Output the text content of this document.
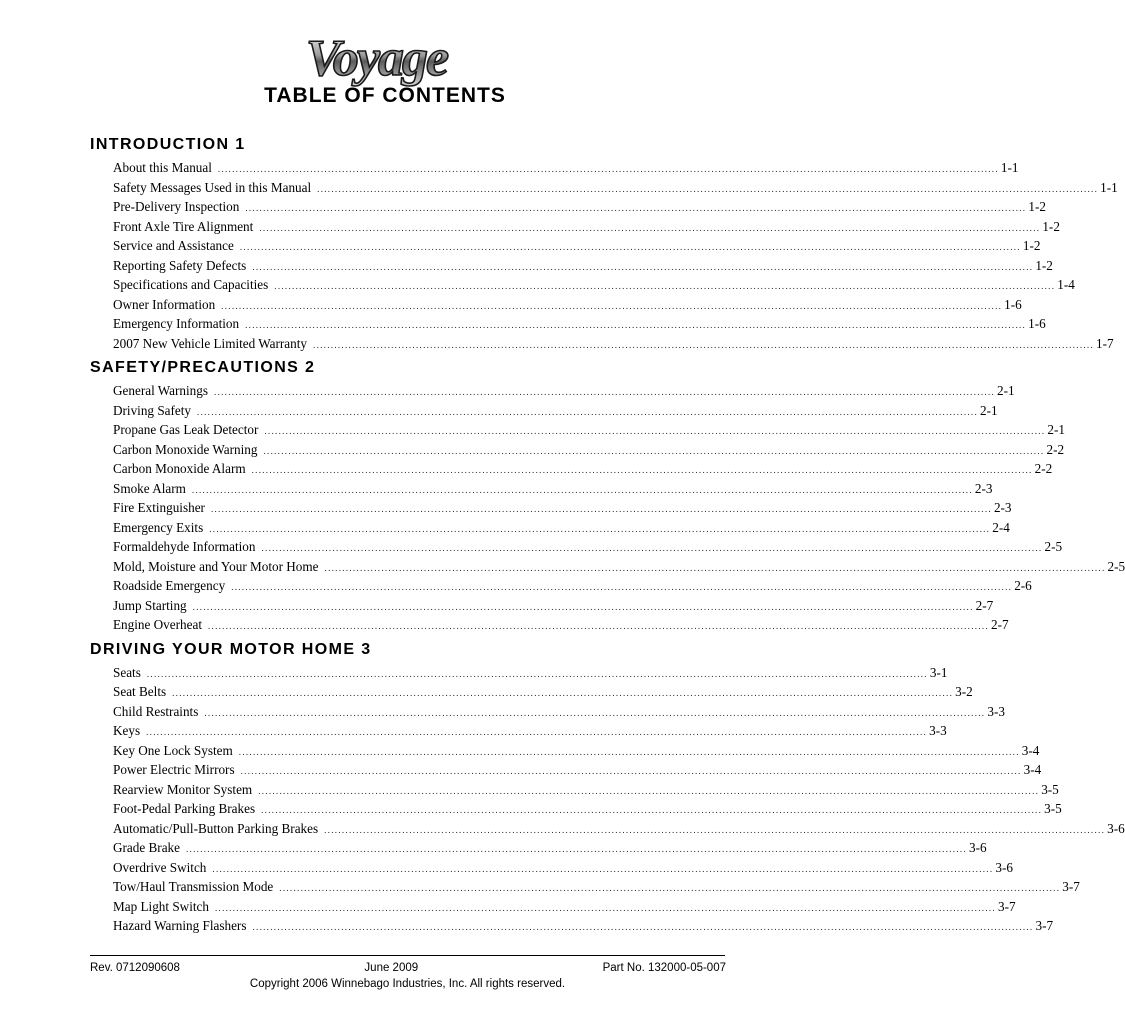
Voyage
TABLE OF CONTENTS
INTRODUCTION 1
About this Manual ............................................................................................................................................................................................................................ 1-1
Safety Messages Used in this Manual ............................................................................................................................................................................................................................ 1-1
Pre-Delivery Inspection ............................................................................................................................................................................................................................ 1-2
Front Axle Tire Alignment ............................................................................................................................................................................................................................ 1-2
Service and Assistance ............................................................................................................................................................................................................................ 1-2
Reporting Safety Defects ............................................................................................................................................................................................................................ 1-2
Specifications and Capacities ............................................................................................................................................................................................................................ 1-4
Owner Information ............................................................................................................................................................................................................................ 1-6
Emergency Information ............................................................................................................................................................................................................................ 1-6
2007 New Vehicle Limited Warranty ............................................................................................................................................................................................................................ 1-7
SAFETY/PRECAUTIONS 2
General Warnings ............................................................................................................................................................................................................................ 2-1
Driving Safety ............................................................................................................................................................................................................................ 2-1
Propane Gas Leak Detector ............................................................................................................................................................................................................................ 2-1
Carbon Monoxide Warning ............................................................................................................................................................................................................................ 2-2
Carbon Monoxide Alarm ............................................................................................................................................................................................................................ 2-2
Smoke Alarm ............................................................................................................................................................................................................................ 2-3
Fire Extinguisher ............................................................................................................................................................................................................................ 2-3
Emergency Exits ............................................................................................................................................................................................................................ 2-4
Formaldehyde Information ............................................................................................................................................................................................................................ 2-5
Mold, Moisture and Your Motor Home ............................................................................................................................................................................................................................ 2-5
Roadside Emergency ............................................................................................................................................................................................................................ 2-6
Jump Starting ............................................................................................................................................................................................................................ 2-7
Engine Overheat ............................................................................................................................................................................................................................ 2-7
DRIVING YOUR MOTOR HOME 3
Seats ............................................................................................................................................................................................................................ 3-1
Seat Belts ............................................................................................................................................................................................................................ 3-2
Child Restraints ............................................................................................................................................................................................................................ 3-3
Keys ............................................................................................................................................................................................................................ 3-3
Key One Lock System ............................................................................................................................................................................................................................ 3-4
Power Electric Mirrors ............................................................................................................................................................................................................................ 3-4
Rearview Monitor System ............................................................................................................................................................................................................................ 3-5
Foot-Pedal Parking Brakes ............................................................................................................................................................................................................................ 3-5
Automatic/Pull-Button Parking Brakes ............................................................................................................................................................................................................................ 3-6
Grade Brake ............................................................................................................................................................................................................................ 3-6
Overdrive Switch ............................................................................................................................................................................................................................ 3-6
Tow/Haul Transmission Mode ............................................................................................................................................................................................................................ 3-7
Map Light Switch ............................................................................................................................................................................................................................ 3-7
Hazard Warning Flashers ............................................................................................................................................................................................................................ 3-7
Rev. 0712090608	June 2009	Part No. 132000-05-007
Copyright 2006 Winnebago Industries, Inc. All rights reserved.
